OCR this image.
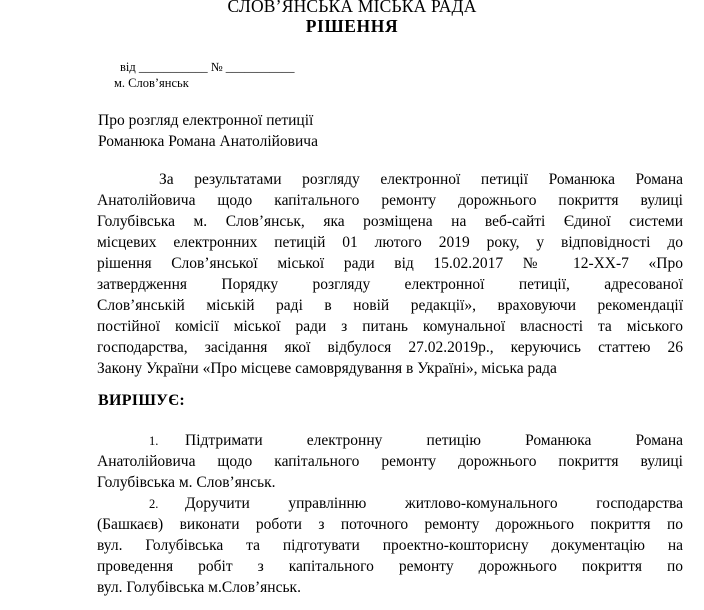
СЛОВ’ЯНСЬКА МІСЬКА РАДА
РІШЕННЯ
від ___________ № ___________
м. Слов’янськ
Про розгляд електронної петиції
Романюка Романа Анатолійовича
За результатами розгляду електронної петиції Романюка Романа
Анатолійовича щодо капітального ремонту дорожнього покриття вулиці
Голубівська м. Слов’янськ, яка розміщена на веб-сайті Єдиної системи
місцевих електронних петицій 01 лютого 2019 року, у відповідності до
рішення Слов’янської міської ради від 15.02.2017 № 12-ХХ-7 «Про
затвердження Порядку розгляду електронної петиції, адресованої
Слов’янській міській раді в новій редакції», враховуючи рекомендації
постійної комісії міської ради з питань комунальної власності та міського
господарства, засідання якої відбулося 27.02.2019р., керуючись статтею 26
Закону України «Про місцеве самоврядування в Україні», міська рада
ВИРІШУЄ:
1. Підтримати електронну петицію Романюка Романа
Анатолійовича щодо капітального ремонту дорожнього покриття вулиці
Голубівська м. Слов’янськ.
2. Доручити управлінню житлово-комунального господарства
(Башкаєв) виконати роботи з поточного ремонту дорожнього покриття по
вул. Голубівська та підготувати проектно-кошторисну документацію на
проведення робіт з капітального ремонту дорожнього покриття по
вул. Голубівська м.Слов’янськ.
